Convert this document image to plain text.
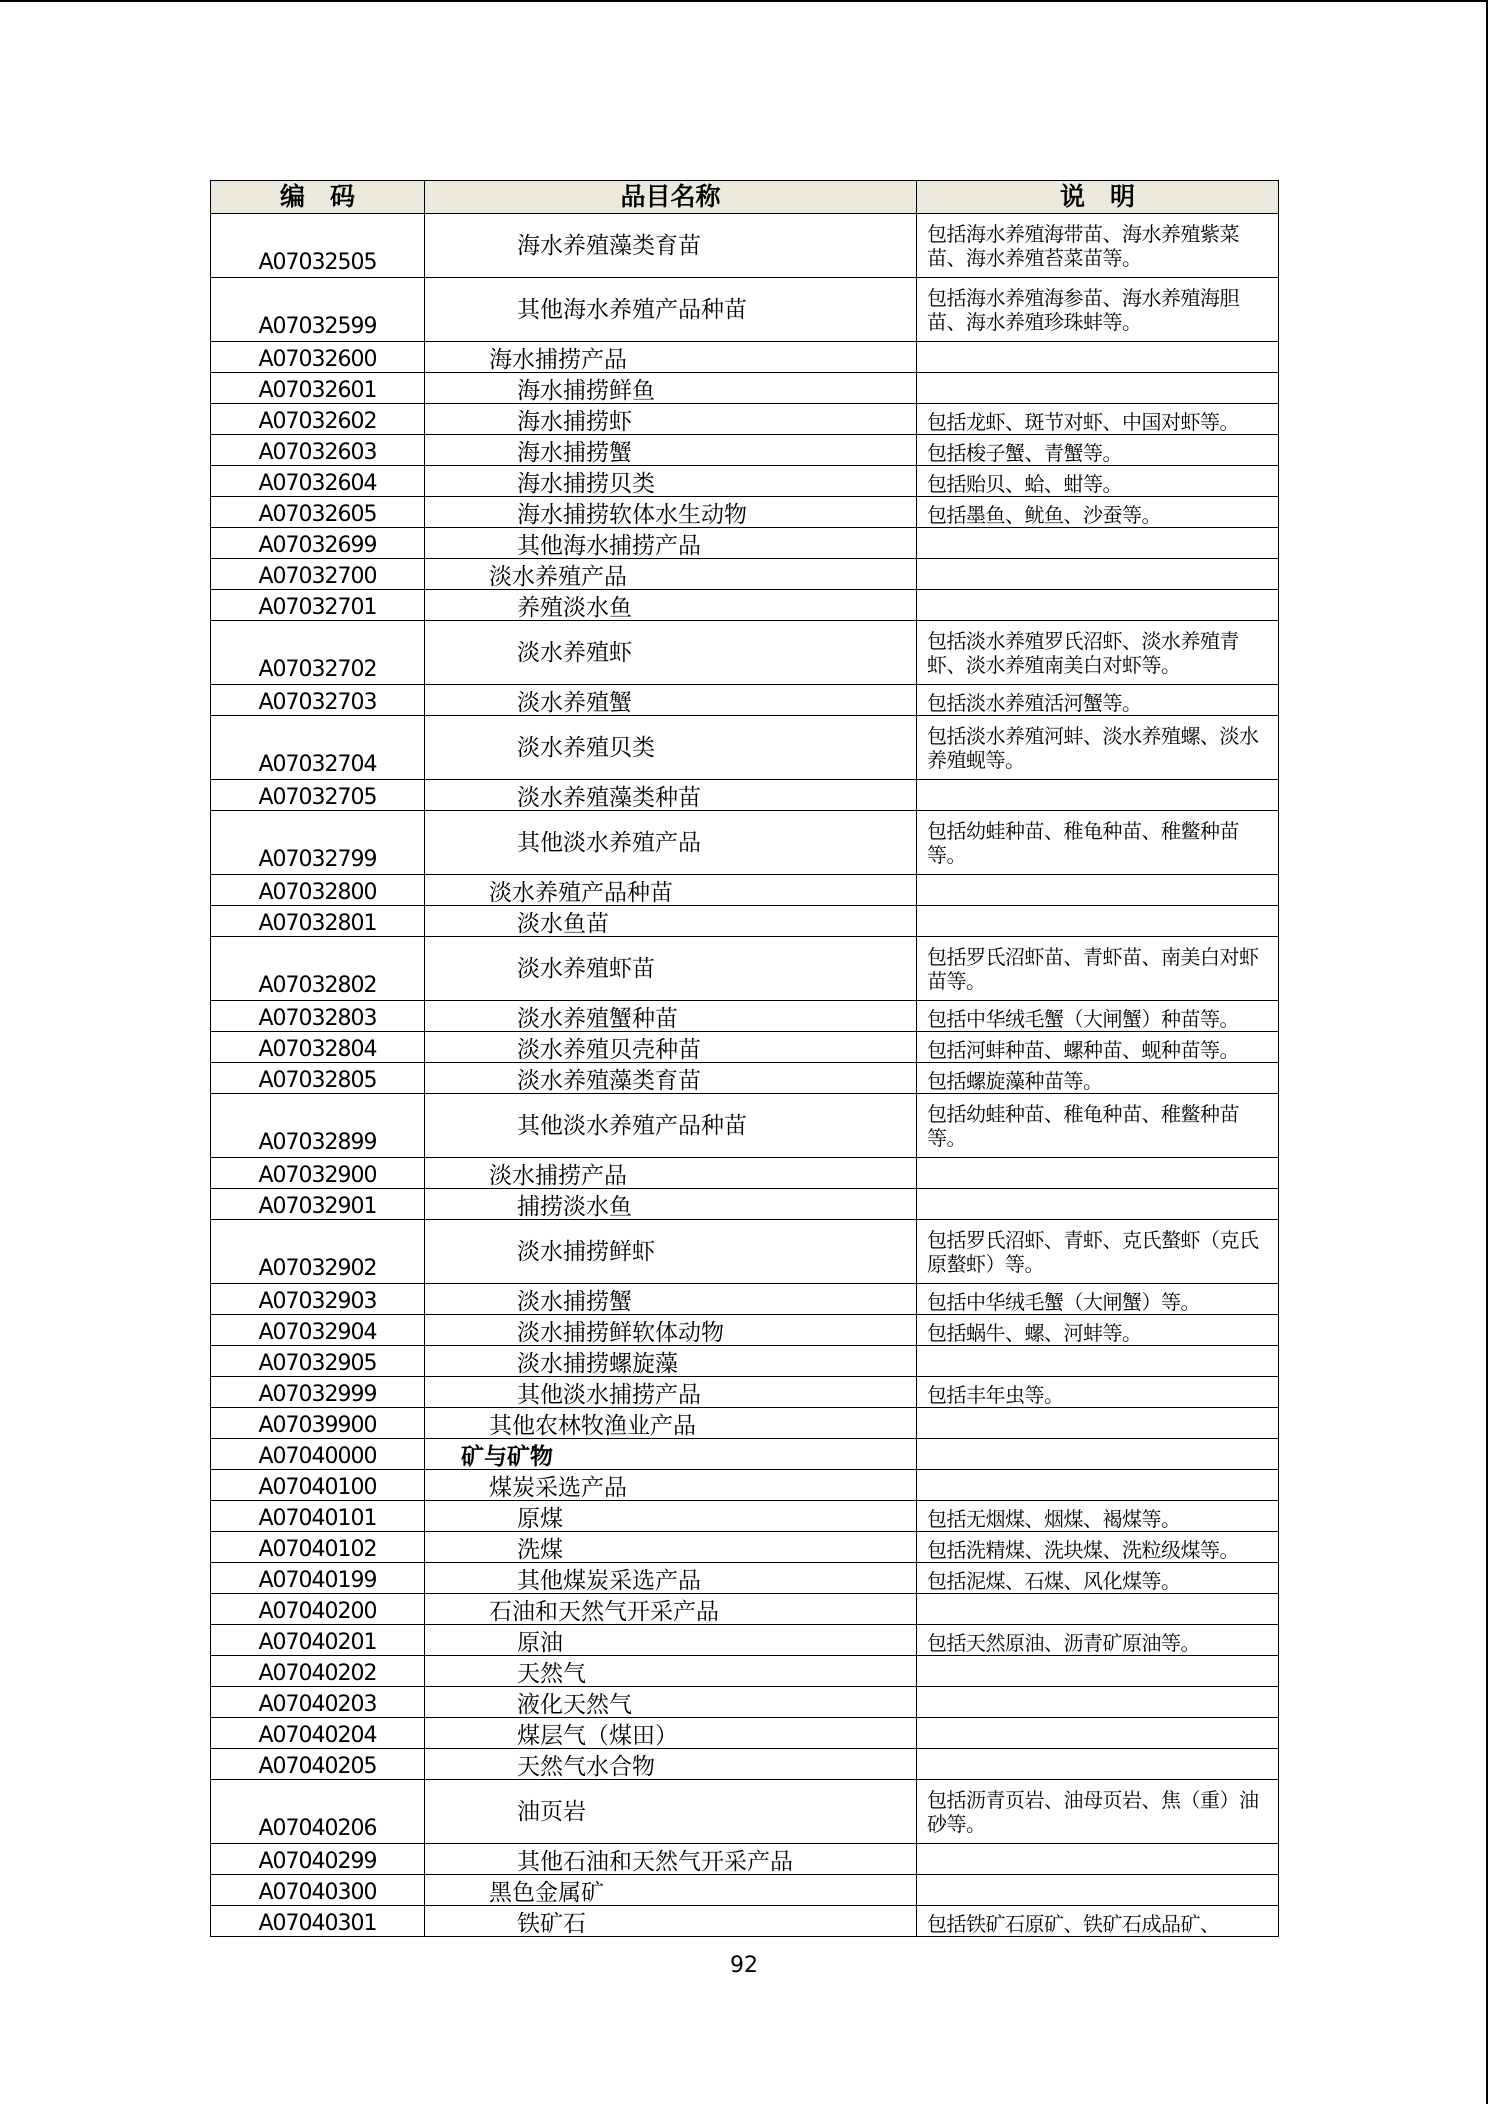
编　码	品目名称	说　明
A07032505	海水养殖藻类育苗	包括海水养殖海带苗、海水养殖紫菜苗、海水养殖苔菜苗等。
A07032599	其他海水养殖产品种苗	包括海水养殖海参苗、海水养殖海胆苗、海水养殖珍珠蚌等。
A07032600	海水捕捞产品	
A07032601	海水捕捞鲜鱼	
A07032602	海水捕捞虾	包括龙虾、斑节对虾、中国对虾等。
A07032603	海水捕捞蟹	包括梭子蟹、青蟹等。
A07032604	海水捕捞贝类	包括贻贝、蛤、蚶等。
A07032605	海水捕捞软体水生动物	包括墨鱼、鱿鱼、沙蚕等。
A07032699	其他海水捕捞产品	
A07032700	淡水养殖产品	
A07032701	养殖淡水鱼	
A07032702	淡水养殖虾	包括淡水养殖罗氏沼虾、淡水养殖青虾、淡水养殖南美白对虾等。
A07032703	淡水养殖蟹	包括淡水养殖活河蟹等。
A07032704	淡水养殖贝类	包括淡水养殖河蚌、淡水养殖螺、淡水养殖蚬等。
A07032705	淡水养殖藻类种苗	
A07032799	其他淡水养殖产品	包括幼蛙种苗、稚龟种苗、稚鳖种苗等。
A07032800	淡水养殖产品种苗	
A07032801	淡水鱼苗	
A07032802	淡水养殖虾苗	包括罗氏沼虾苗、青虾苗、南美白对虾苗等。
A07032803	淡水养殖蟹种苗	包括中华绒毛蟹（大闸蟹）种苗等。
A07032804	淡水养殖贝壳种苗	包括河蚌种苗、螺种苗、蚬种苗等。
A07032805	淡水养殖藻类育苗	包括螺旋藻种苗等。
A07032899	其他淡水养殖产品种苗	包括幼蛙种苗、稚龟种苗、稚鳖种苗等。
A07032900	淡水捕捞产品	
A07032901	捕捞淡水鱼	
A07032902	淡水捕捞鲜虾	包括罗氏沼虾、青虾、克氏螯虾（克氏原螯虾）等。
A07032903	淡水捕捞蟹	包括中华绒毛蟹（大闸蟹）等。
A07032904	淡水捕捞鲜软体动物	包括蜗牛、螺、河蚌等。
A07032905	淡水捕捞螺旋藻	
A07032999	其他淡水捕捞产品	包括丰年虫等。
A07039900	其他农林牧渔业产品	
A07040000	矿与矿物	
A07040100	煤炭采选产品	
A07040101	原煤	包括无烟煤、烟煤、褐煤等。
A07040102	洗煤	包括洗精煤、洗块煤、洗粒级煤等。
A07040199	其他煤炭采选产品	包括泥煤、石煤、风化煤等。
A07040200	石油和天然气开采产品	
A07040201	原油	包括天然原油、沥青矿原油等。
A07040202	天然气	
A07040203	液化天然气	
A07040204	煤层气（煤田）	
A07040205	天然气水合物	
A07040206	油页岩	包括沥青页岩、油母页岩、焦（重）油砂等。
A07040299	其他石油和天然气开采产品	
A07040300	黑色金属矿	
A07040301	铁矿石	包括铁矿石原矿、铁矿石成品矿、
92
